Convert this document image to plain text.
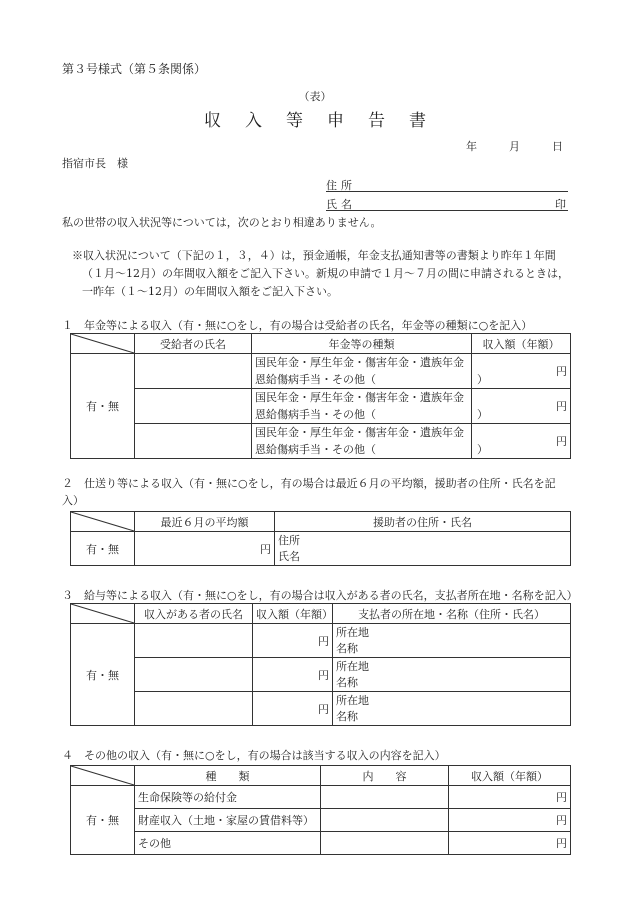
第３号様式（第５条関係）
（表）
収入等申告書
年	月	日
指宿市長　様
住所
氏名	印
私の世帯の収入状況等については，次のとおり相違ありません。
※収入状況について（下記の１，３，４）は，預金通帳，年金支払通知書等の書類より昨年１年間
（１月～12月）の年間収入額をご記入下さい。新規の申請で１月～７月の間に申請されるときは，
一昨年（１～12月）の年間収入額をご記入下さい。
１　年金等による収入（有・無に○をし，有の場合は受給者の氏名，年金等の種類に○を記入）
	受給者の氏名	年金等の種類	収入額（年額）
有・無		国民年金・厚生年金・傷害年金・遺族年金
恩給傷病手当・その他（ ）	円

		国民年金・厚生年金・傷害年金・遺族年金
恩給傷病手当・その他（ ）	円

		国民年金・厚生年金・傷害年金・遺族年金
恩給傷病手当・その他（ ）	円
２　仕送り等による収入（有・無に○をし，有の場合は最近６月の平均額，援助者の住所・氏名を記入）
	最近６月の平均額	援助者の住所・氏名
有・無	円	住所
氏名
３　給与等による収入（有・無に○をし，有の場合は収入がある者の氏名，支払者所在地・名称を記入）
	収入がある者の氏名	収入額（年額）	支払者の所在地・名称（住所・氏名）
有・無		円	所在地
名称

		円	所在地
名称

		円	所在地
名称
４　その他の収入（有・無に○をし，有の場合は該当する収入の内容を記入）
	種　　類	内　　容	収入額（年額）
有・無	生命保険等の給付金		円
	財産収入（土地・家屋の賃借料等）		円
	その他		円
